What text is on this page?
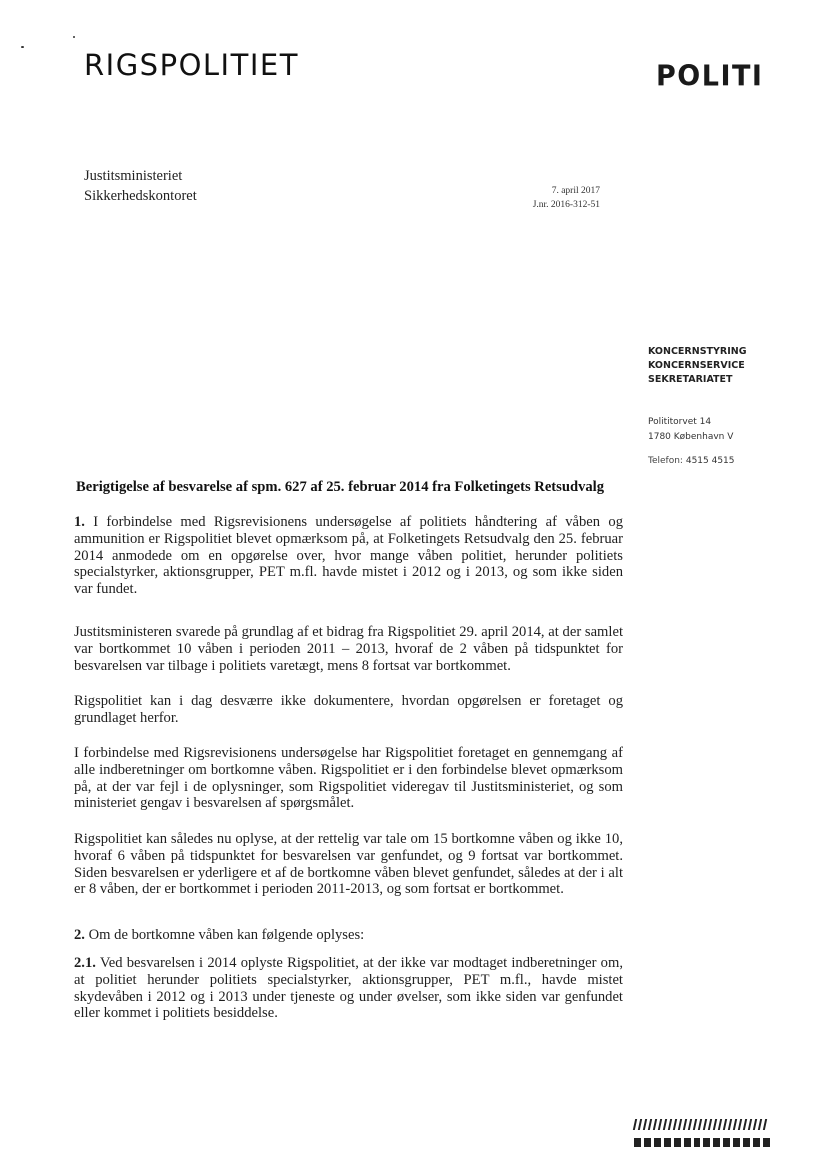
RIGSPOLITIET	POLITI
Justitsministeriet
Sikkerhedskontoret	7. april 2017
J.nr. 2016-312-51
KONCERNSTYRING
KONCERNSERVICE
SEKRETARIATET
Polititorvet 14
1780 København V
Telefon: 4515 4515
Berigtigelse af besvarelse af spm. 627 af 25. februar 2014 fra Folketingets Retsudvalg

1. I forbindelse med Rigsrevisionens undersøgelse af politiets håndtering af våben og ammunition er Rigspolitiet blevet opmærksom på, at Folketingets Retsudvalg den 25. februar 2014 anmodede om en opgørelse over, hvor mange våben politiet, herunder politiets specialstyrker, aktionsgrupper, PET m.fl. havde mistet i 2012 og i 2013, og som ikke siden var fundet.

Justitsministeren svarede på grundlag af et bidrag fra Rigspolitiet 29. april 2014, at der samlet var bortkommet 10 våben i perioden 2011 – 2013, hvoraf de 2 våben på tidspunktet for besvarelsen var tilbage i politiets varetægt, mens 8 fortsat var bortkommet.

Rigspolitiet kan i dag desværre ikke dokumentere, hvordan opgørelsen er foretaget og grundlaget herfor.

I forbindelse med Rigsrevisionens undersøgelse har Rigspolitiet foretaget en gennemgang af alle indberetninger om bortkomne våben. Rigspolitiet er i den forbindelse blevet opmærksom på, at der var fejl i de oplysninger, som Rigspolitiet videregav til Justitsministeriet, og som ministeriet gengav i besvarelsen af spørgsmålet.

Rigspolitiet kan således nu oplyse, at der rettelig var tale om 15 bortkomne våben og ikke 10, hvoraf 6 våben på tidspunktet for besvarelsen var genfundet, og 9 fortsat var bortkommet. Siden besvarelsen er yderligere et af de bortkomne våben blevet genfundet, således at der i alt er 8 våben, der er bortkommet i perioden 2011-2013, og som fortsat er bortkommet.

2. Om de bortkomne våben kan følgende oplyses:

2.1. Ved besvarelsen i 2014 oplyste Rigspolitiet, at der ikke var modtaget indberetninger om, at politiet herunder politiets specialstyrker, aktionsgrupper, PET m.fl., havde mistet skydevåben i 2012 og i 2013 under tjeneste og under øvelser, som ikke siden var genfundet eller kommet i politiets besiddelse.
